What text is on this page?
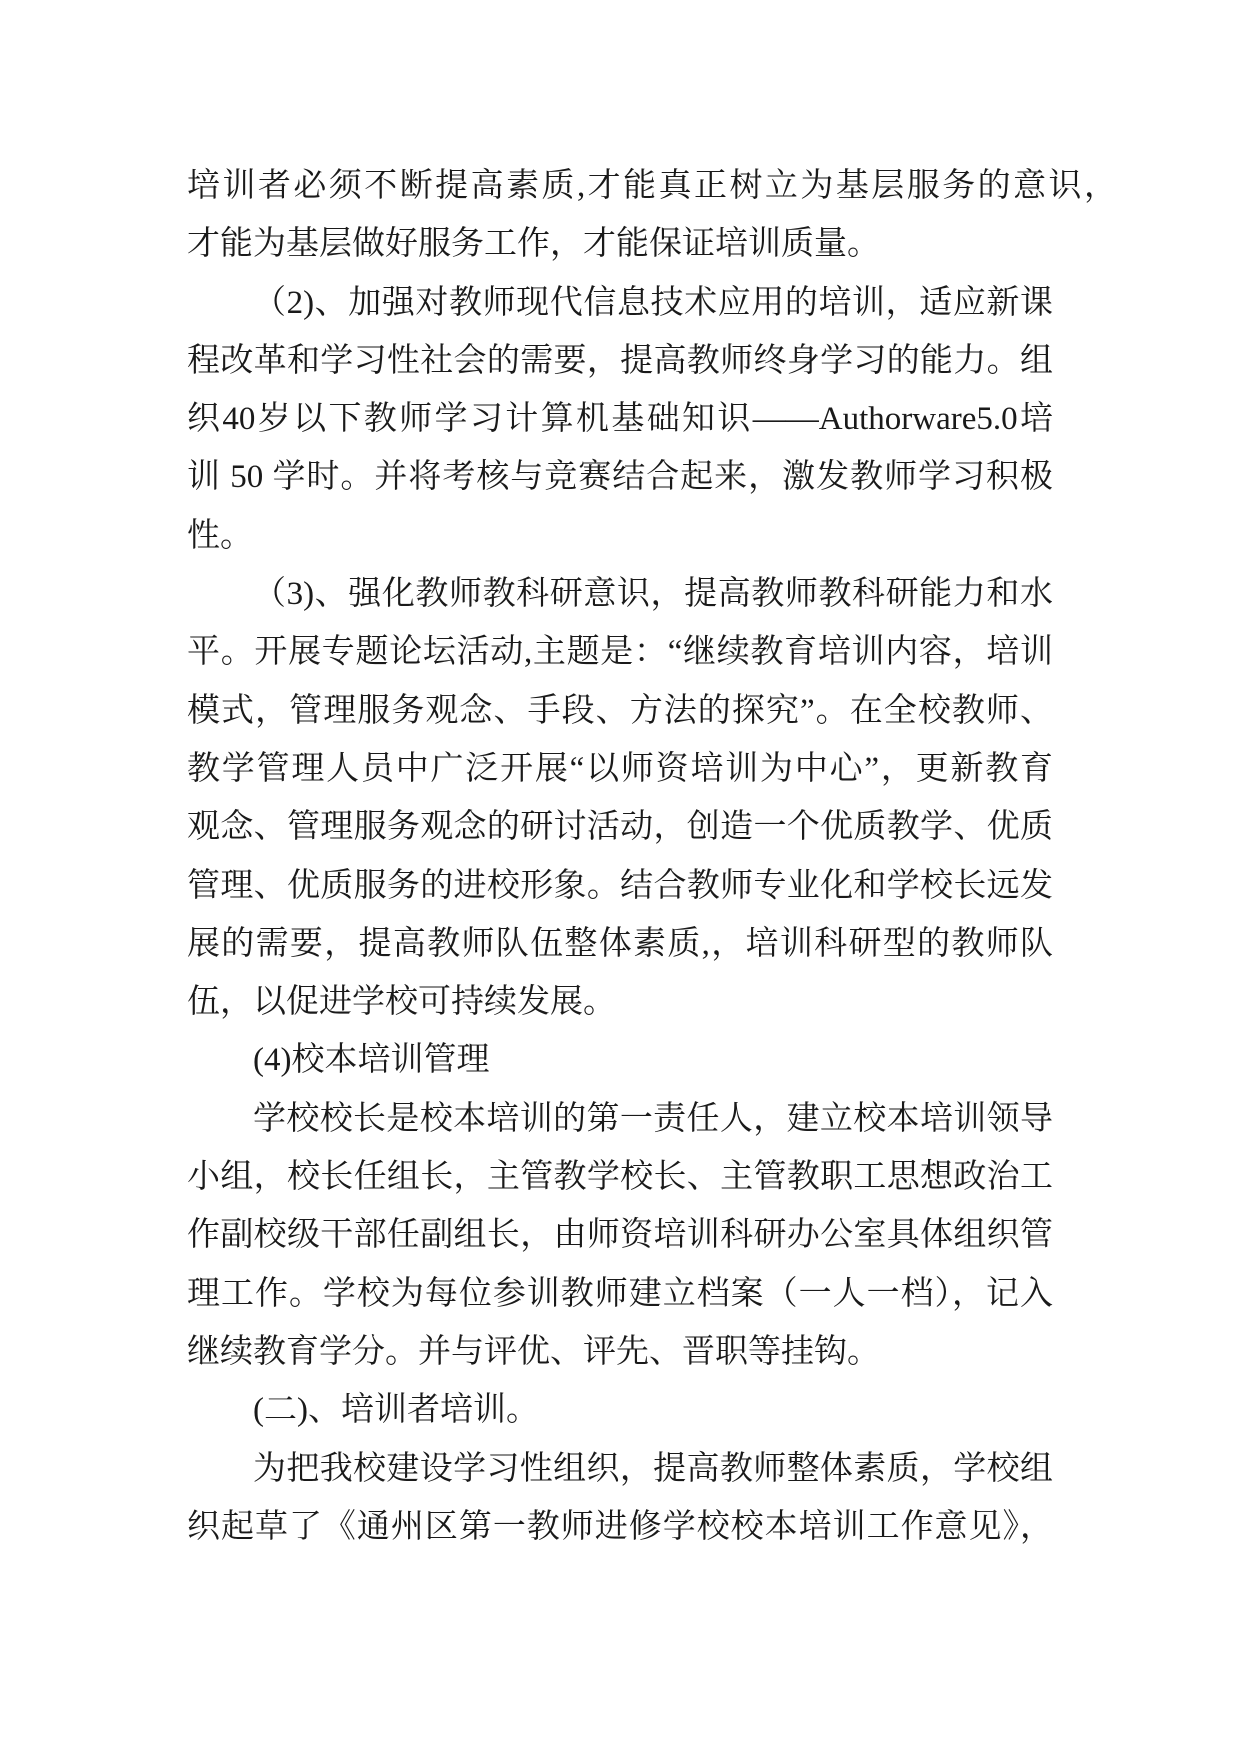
培训者必须不断提高素质,才能真正树立为基层服务的意识，
才能为基层做好服务工作，才能保证培训质量。
（2)、加强对教师现代信息技术应用的培训，适应新课
程改革和学习性社会的需要，提高教师终身学习的能力。组
织40岁以下教师学习计算机基础知识——Authorware5.0培
训 50 学时。并将考核与竞赛结合起来，激发教师学习积极
性。
（3)、强化教师教科研意识，提高教师教科研能力和水
平。开展专题论坛活动,主题是：“继续教育培训内容，培训
模式，管理服务观念、手段、方法的探究”。在全校教师、
教学管理人员中广泛开展“以师资培训为中心”，更新教育
观念、管理服务观念的研讨活动，创造一个优质教学、优质
管理、优质服务的进校形象。结合教师专业化和学校长远发
展的需要，提高教师队伍整体素质,，培训科研型的教师队
伍，以促进学校可持续发展。
(4)校本培训管理
学校校长是校本培训的第一责任人，建立校本培训领导
小组，校长任组长，主管教学校长、主管教职工思想政治工
作副校级干部任副组长，由师资培训科研办公室具体组织管
理工作。学校为每位参训教师建立档案（一人一档），记入
继续教育学分。并与评优、评先、晋职等挂钩。
(二)、培训者培训。
为把我校建设学习性组织，提高教师整体素质，学校组
织起草了《通州区第一教师进修学校校本培训工作意见》，
